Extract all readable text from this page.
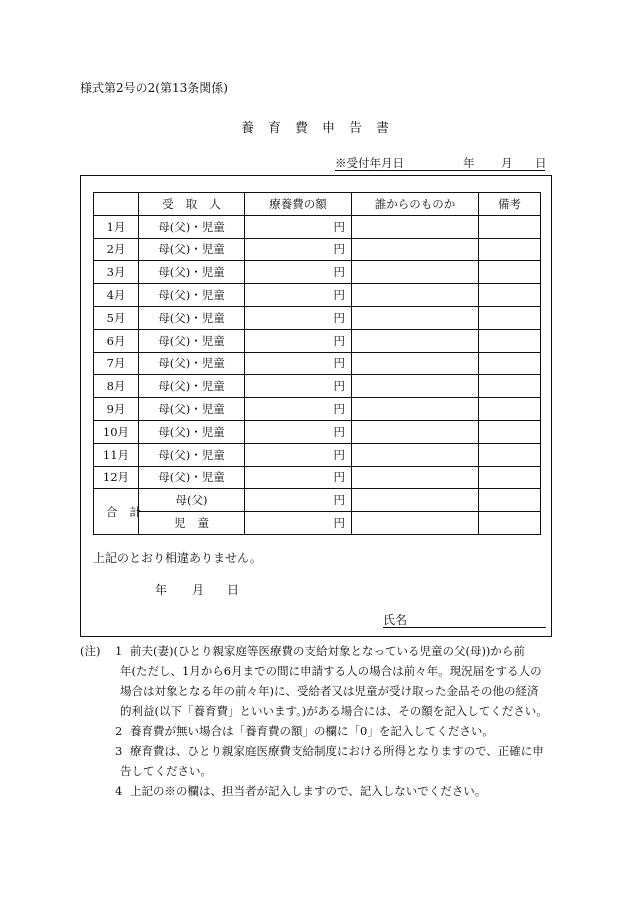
様式第2号の2(第13条関係)
養育費申告書
※受付年月日	年 月 日
	受取人	療養費の額	誰からのものか	備考
1月	母(父)・児童	円		
2月	母(父)・児童	円		
3月	母(父)・児童	円		
4月	母(父)・児童	円		
5月	母(父)・児童	円		
6月	母(父)・児童	円		
7月	母(父)・児童	円		
8月	母(父)・児童	円		
9月	母(父)・児童	円		
10月	母(父)・児童	円		
11月	母(父)・児童	円		
12月	母(父)・児童	円		
合計	母(父)	円		
	児童	円		
上記のとおり相違ありません。
年 月 日
氏名
(注) 1 前夫(妻)(ひとり親家庭等医療費の支給対象となっている児童の父(母))から前
年(ただし、1月から6月までの間に申請する人の場合は前々年。現況届をする人の
場合は対象となる年の前々年)に、受給者又は児童が受け取った金品その他の経済
的利益(以下「養育費」といいます。)がある場合には、その額を記入してください。
2 養育費が無い場合は「養育費の額」の欄に「0」を記入してください。
3 療育費は、ひとり親家庭医療費支給制度における所得となりますので、正確に申
告してください。
4 上記の※の欄は、担当者が記入しますので、記入しないでください。
